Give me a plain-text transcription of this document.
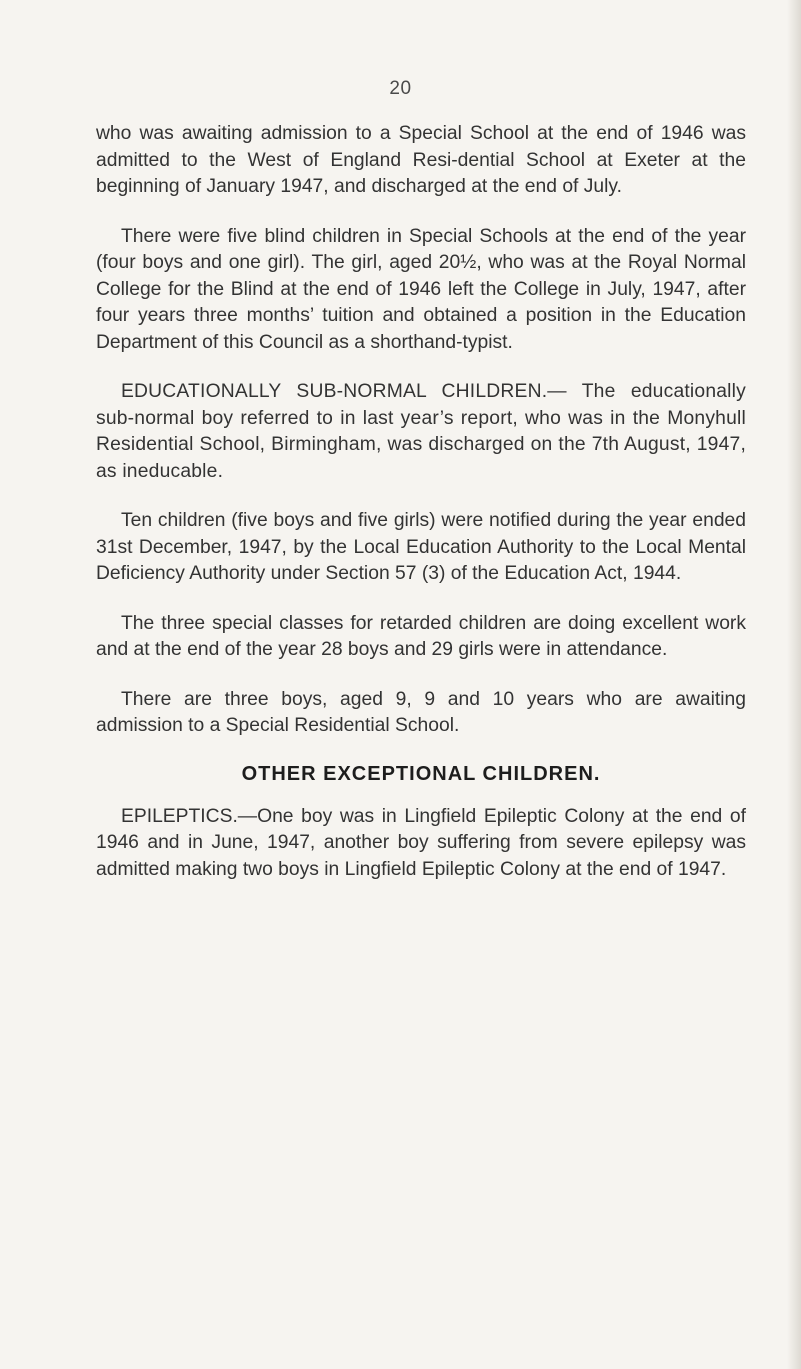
20

who was awaiting admission to a Special School at the end of 1946 was admitted to the West of England Resi-dential School at Exeter at the beginning of January 1947, and discharged at the end of July.

There were five blind children in Special Schools at the end of the year (four boys and one girl). The girl, aged 20½, who was at the Royal Normal College for the Blind at the end of 1946 left the College in July, 1947, after four years three months’ tuition and obtained a position in the Education Department of this Council as a shorthand-typist.

EDUCATIONALLY SUB-NORMAL CHILDREN.— The educationally sub-normal boy referred to in last year’s report, who was in the Monyhull Residential School, Birmingham, was discharged on the 7th August, 1947, as ineducable.

Ten children (five boys and five girls) were notified during the year ended 31st December, 1947, by the Local Education Authority to the Local Mental Deficiency Authority under Section 57 (3) of the Education Act, 1944.

The three special classes for retarded children are doing excellent work and at the end of the year 28 boys and 29 girls were in attendance.

There are three boys, aged 9, 9 and 10 years who are awaiting admission to a Special Residential School.

OTHER EXCEPTIONAL CHILDREN.

EPILEPTICS.—One boy was in Lingfield Epileptic Colony at the end of 1946 and in June, 1947, another boy suffering from severe epilepsy was admitted making two boys in Lingfield Epileptic Colony at the end of 1947.
